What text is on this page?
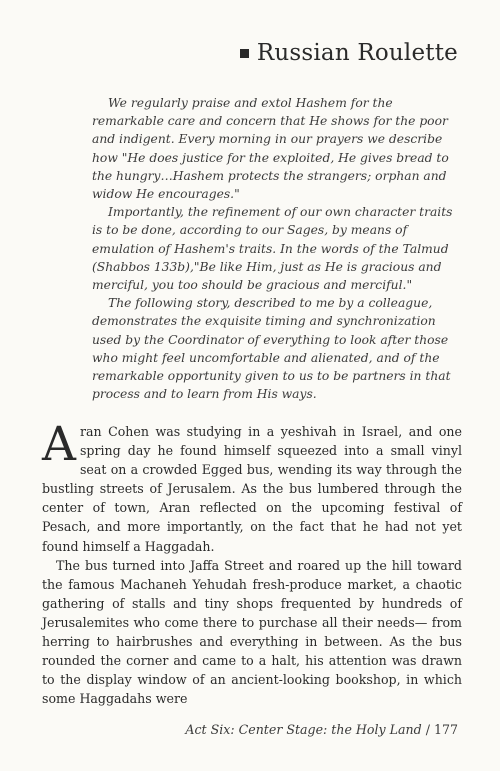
Russian Roulette

We regularly praise and extol Hashem for the remarkable care and concern that He shows for the poor and indigent. Every morning in our prayers we describe how "He does justice for the exploited, He gives bread to the hungry…Hashem protects the strangers; orphan and widow He encourages."

Importantly, the refinement of our own character traits is to be done, according to our Sages, by means of emulation of Hashem's traits. In the words of the Talmud (Shabbos 133b),"Be like Him, just as He is gracious and merciful, you too should be gracious and merciful."

The following story, described to me by a colleague, demonstrates the exquisite timing and synchronization used by the Coordinator of everything to look after those who might feel uncomfortable and alienated, and of the remarkable opportunity given to us to be partners in that process and to learn from His ways.

Aran Cohen was studying in a yeshivah in Israel, and one spring day he found himself squeezed into a small vinyl seat on a crowded Egged bus, wending its way through the bustling streets of Jerusalem. As the bus lumbered through the center of town, Aran reflected on the upcoming festival of Pesach, and more importantly, on the fact that he had not yet found himself a Haggadah.

The bus turned into Jaffa Street and roared up the hill toward the famous Machaneh Yehudah fresh-produce market, a chaotic gathering of stalls and tiny shops frequented by hundreds of Jerusalemites who come there to purchase all their needs— from herring to hairbrushes and everything in between. As the bus rounded the corner and came to a halt, his attention was drawn to the display window of an ancient-looking bookshop, in which some Haggadahs were

Act Six: Center Stage: the Holy Land / 177
